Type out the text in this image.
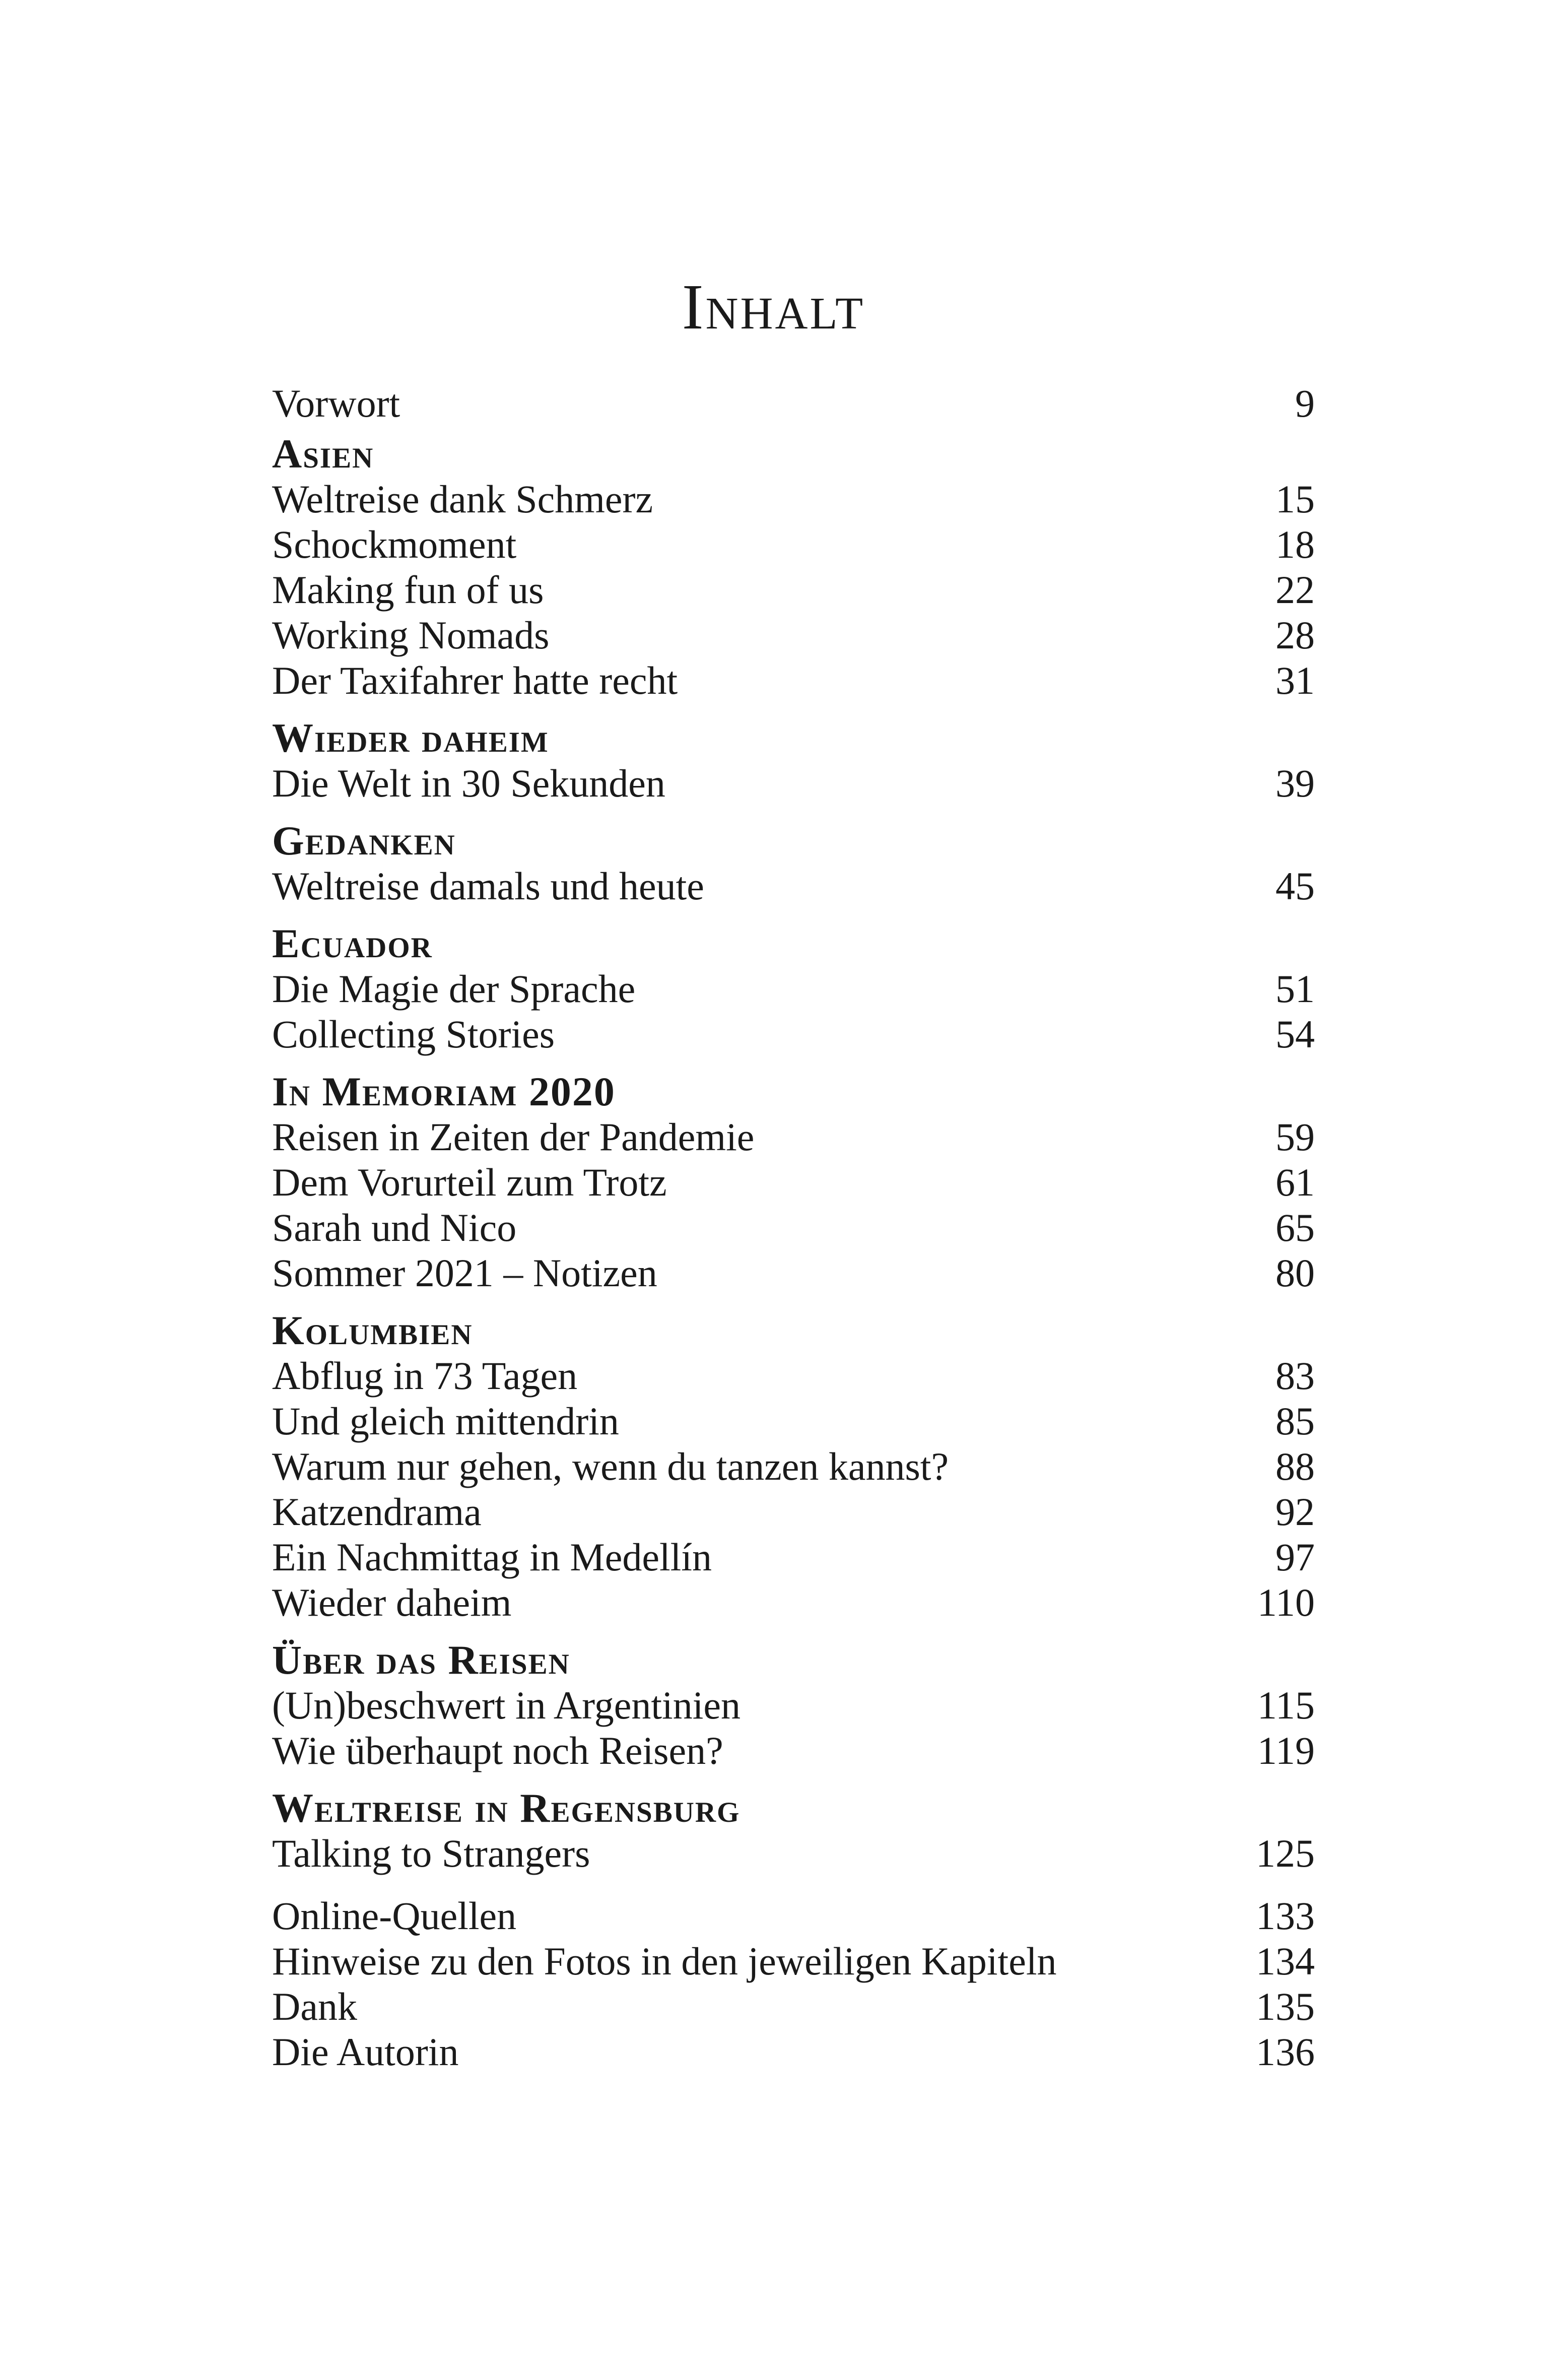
Inhalt
Vorwort	9
Asien
Weltreise dank Schmerz	15
Schockmoment	18
Making fun of us	22
Working Nomads	28
Der Taxifahrer hatte recht	31
Wieder daheim
Die Welt in 30 Sekunden	39
Gedanken
Weltreise damals und heute	45
Ecuador
Die Magie der Sprache	51
Collecting Stories	54
In Memoriam 2020
Reisen in Zeiten der Pandemie	59
Dem Vorurteil zum Trotz	61
Sarah und Nico	65
Sommer 2021 – Notizen	80
Kolumbien
Abflug in 73 Tagen	83
Und gleich mittendrin	85
Warum nur gehen, wenn du tanzen kannst?	88
Katzendrama	92
Ein Nachmittag in Medellín	97
Wieder daheim	110
Über das Reisen
(Un)beschwert in Argentinien	115
Wie überhaupt noch Reisen?	119
Weltreise in Regensburg
Talking to Strangers	125
Online-Quellen	133
Hinweise zu den Fotos in den jeweiligen Kapiteln	134
Dank	135
Die Autorin	136
